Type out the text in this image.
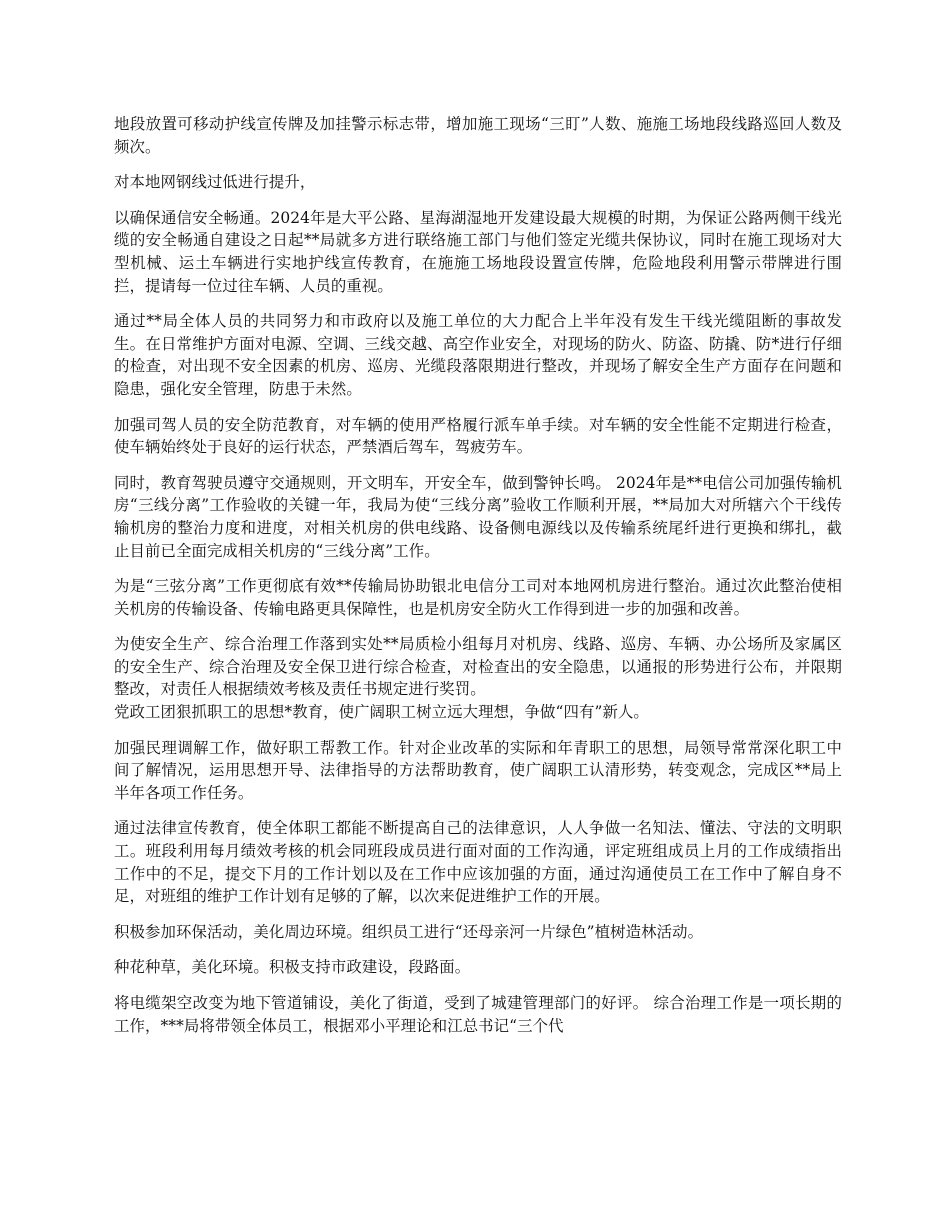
地段放置可移动护线宣传牌及加挂警示标志带，增加施工现场“三盯”人数、施施工场地段线路巡回人数及频次。

对本地网钢线过低进行提升，

以确保通信安全畅通。2024年是大平公路、星海湖湿地开发建设最大规模的时期，为保证公路两侧干线光缆的安全畅通自建设之日起**局就多方进行联络施工部门与他们签定光缆共保协议，同时在施工现场对大型机械、运土车辆进行实地护线宣传教育，在施施工场地段设置宣传牌，危险地段利用警示带牌进行围拦，提请每一位过往车辆、人员的重视。

通过**局全体人员的共同努力和市政府以及施工单位的大力配合上半年没有发生干线光缆阻断的事故发生。在日常维护方面对电源、空调、三线交越、高空作业安全，对现场的防火、防盗、防撬、防*进行仔细的检查，对出现不安全因素的机房、巡房、光缆段落限期进行整改，并现场了解安全生产方面存在问题和隐患，强化安全管理，防患于未然。

加强司驾人员的安全防范教育，对车辆的使用严格履行派车单手续。对车辆的安全性能不定期进行检查，使车辆始终处于良好的运行状态，严禁酒后驾车，驾疲劳车。

同时，教育驾驶员遵守交通规则，开文明车，开安全车，做到警钟长鸣。 2024年是**电信公司加强传输机房“三线分离”工作验收的关键一年，我局为使“三线分离”验收工作顺利开展，**局加大对所辖六个干线传输机房的整治力度和进度，对相关机房的供电线路、设备侧电源线以及传输系统尾纤进行更换和绑扎，截止目前已全面完成相关机房的“三线分离”工作。

为是“三弦分离”工作更彻底有效**传输局协助银北电信分工司对本地网机房进行整治。通过次此整治使相关机房的传输设备、传输电路更具保障性，也是机房安全防火工作得到进一步的加强和改善。

为使安全生产、综合治理工作落到实处**局质检小组每月对机房、线路、巡房、车辆、办公场所及家属区的安全生产、综合治理及安全保卫进行综合检查，对检查出的安全隐患，以通报的形势进行公布，并限期整改，对责任人根据绩效考核及责任书规定进行奖罚。

党政工团狠抓职工的思想*教育，使广阔职工树立远大理想，争做“四有”新人。

加强民理调解工作，做好职工帮教工作。针对企业改革的实际和年青职工的思想，局领导常常深化职工中间了解情况，运用思想开导、法律指导的方法帮助教育，使广阔职工认清形势，转变观念，完成区**局上半年各项工作任务。

通过法律宣传教育，使全体职工都能不断提高自己的法律意识，人人争做一名知法、懂法、守法的文明职工。班段利用每月绩效考核的机会同班段成员进行面对面的工作沟通，评定班组成员上月的工作成绩指出工作中的不足，提交下月的工作计划以及在工作中应该加强的方面，通过沟通使员工在工作中了解自身不足，对班组的维护工作计划有足够的了解，以次来促进维护工作的开展。

积极参加环保活动，美化周边环境。组织员工进行“还母亲河一片绿色”植树造林活动。

种花种草，美化环境。积极支持市政建设，段路面。

将电缆架空改变为地下管道铺设，美化了街道，受到了城建管理部门的好评。 综合治理工作是一项长期的工作，***局将带领全体员工，根据邓小平理论和江总书记“三个代
